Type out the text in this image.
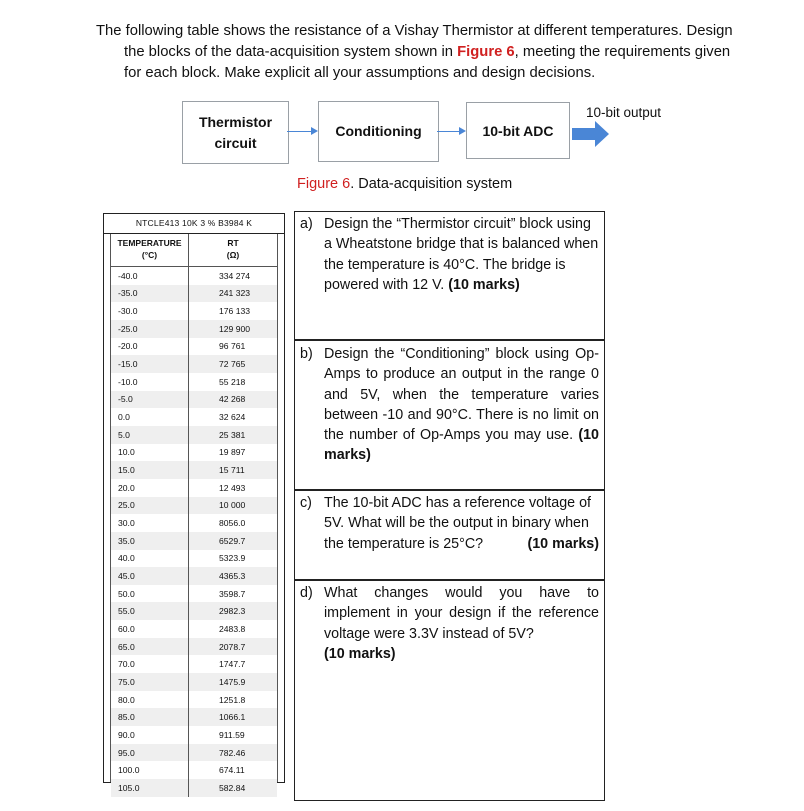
The following table shows the resistance of a Vishay Thermistor at different temperatures. Design the blocks of the data-acquisition system shown in Figure 6, meeting the requirements given for each block. Make explicit all your assumptions and design decisions.

Thermistor
circuit
Conditioning	10-bit ADC
10-bit output
Figure 6. Data-acquisition system
NTCLE413 10K 3 % B3984 K
TEMPERATURE
(°C)
RT
(Ω)
-40.0	334 274
-35.0	241 323
-30.0	176 133
-25.0	129 900
-20.0	96 761
-15.0	72 765
-10.0	55 218
-5.0	42 268
0.0	32 624
5.0	25 381
10.0	19 897
15.0	15 711
20.0	12 493
25.0	10 000
30.0	8056.0
35.0	6529.7
40.0	5323.9
45.0	4365.3
50.0	3598.7
55.0	2982.3
60.0	2483.8
65.0	2078.7
70.0	1747.7
75.0	1475.9
80.0	1251.8
85.0	1066.1
90.0	911.59
95.0	782.46
100.0	674.11
105.0	582.84
a) Design the “Thermistor circuit” block using a Wheatstone bridge that is balanced when the temperature is 40°C. The bridge is powered with 12 V. (10 marks)
b) Design the “Conditioning” block using Op-Amps to produce an output in the range 0 and 5V, when the temperature varies between -10 and 90°C. There is no limit on the number of Op-Amps you may use. (10 marks)
c) The 10-bit ADC has a reference voltage of 5V. What will be the output in binary when the temperature is 25°C?	(10 marks)
d) What changes would you have to implement in your design if the reference voltage were 3.3V instead of 5V?
(10 marks)
